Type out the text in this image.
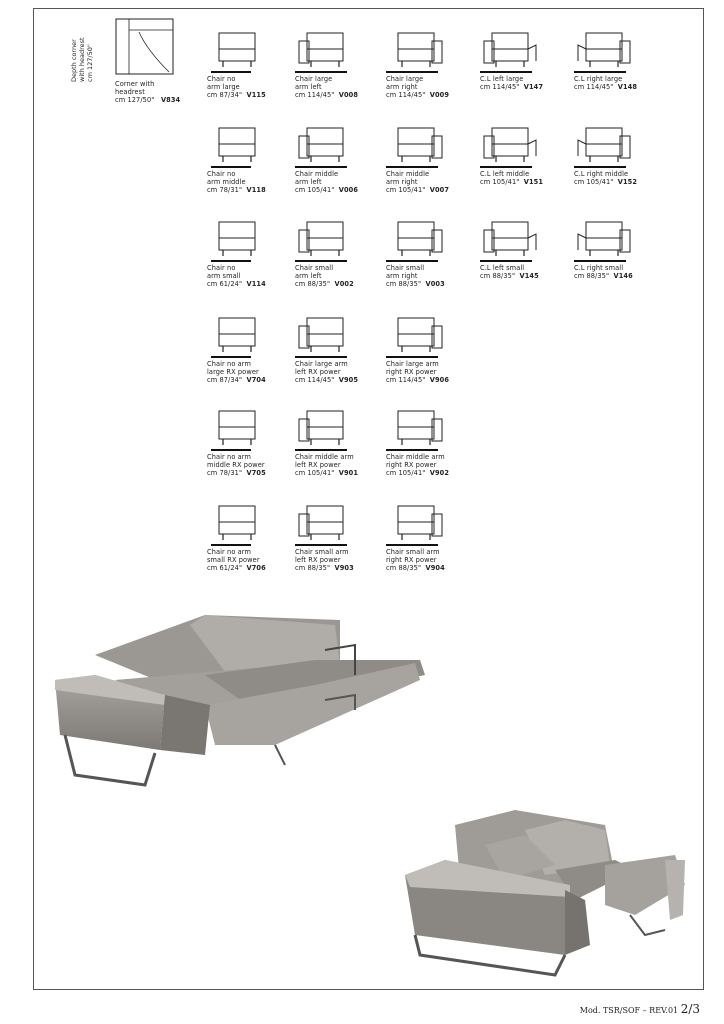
Depth corner
with headrest
cm 127/50"
Corner with
headrest
cm 127/50" V834
Chair no
arm large
cm 87/34" V115
Chair large
arm left
cm 114/45" V008
Chair large
arm right
cm 114/45" V009
C.L left large
cm 114/45" V147
C.L right large
cm 114/45" V148
Chair no
arm middle
cm 78/31" V118
Chair middle
arm left
cm 105/41" V006
Chair middle
arm right
cm 105/41" V007
C.L left middle
cm 105/41" V151
C.L right middle
cm 105/41" V152
Chair no
arm small
cm 61/24" V114
Chair small
arm left
cm 88/35" V002
Chair small
arm right
cm 88/35" V003
C.L left small
cm 88/35" V145
C.L right small
cm 88/35" V146
Chair no arm
large RX power
cm 87/34" V704
Chair large arm
left RX power
cm 114/45" V905
Chair large arm
right RX power
cm 114/45" V906
Chair no arm
middle RX power
cm 78/31" V705
Chair middle arm
left RX power
cm 105/41" V901
Chair middle arm
right RX power
cm 105/41" V902
Chair no arm
small RX power
cm 61/24" V706
Chair small arm
left RX power
cm 88/35" V903
Chair small arm
right RX power
cm 88/35" V904
Mod. TSR/SOF – REV.01 2/3
